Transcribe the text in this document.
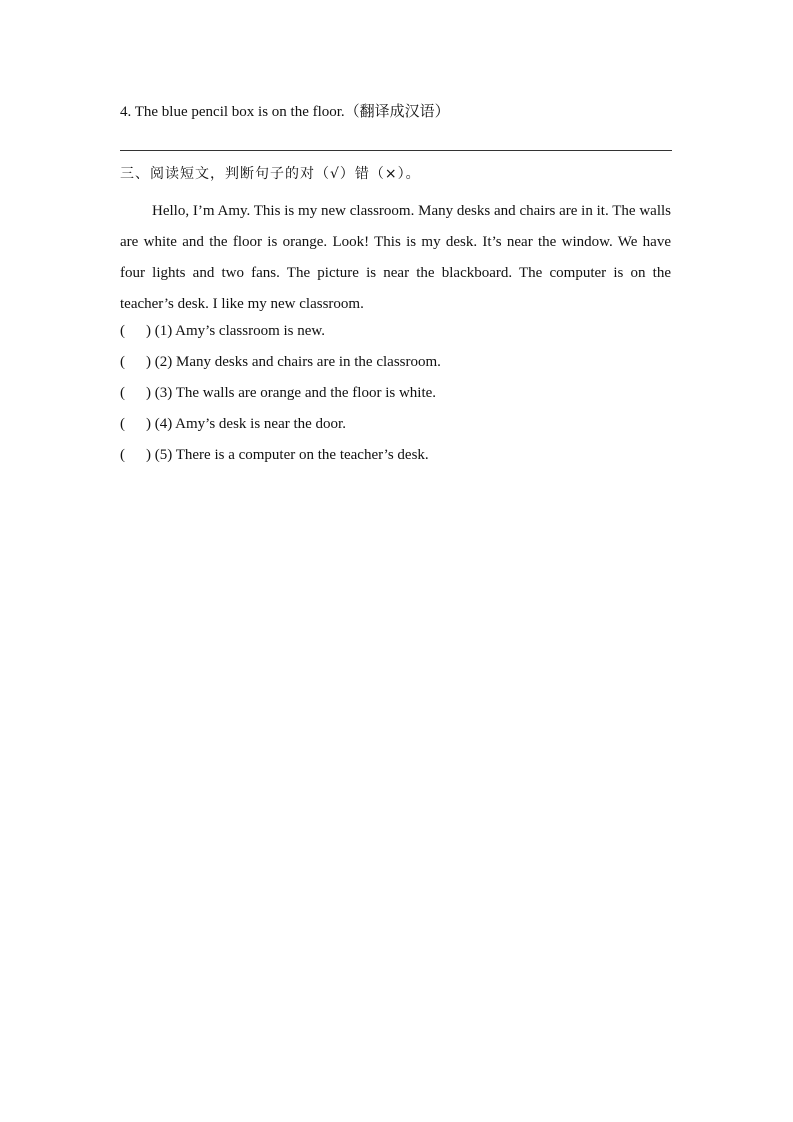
4. The blue pencil box is on the floor.（翻译成汉语）
三、阅读短文，判断句子的对（√）错（×）。
Hello, I’m Amy. This is my new classroom. Many desks and chairs are in it. The walls are white and the floor is orange. Look! This is my desk. It’s near the window. We have four lights and two fans. The picture is near the blackboard. The computer is on the teacher’s desk. I like my new classroom.
( ) (1) Amy’s classroom is new.
( ) (2) Many desks and chairs are in the classroom.
( ) (3) The walls are orange and the floor is white.
( ) (4) Amy’s desk is near the door.
( ) (5) There is a computer on the teacher’s desk.
